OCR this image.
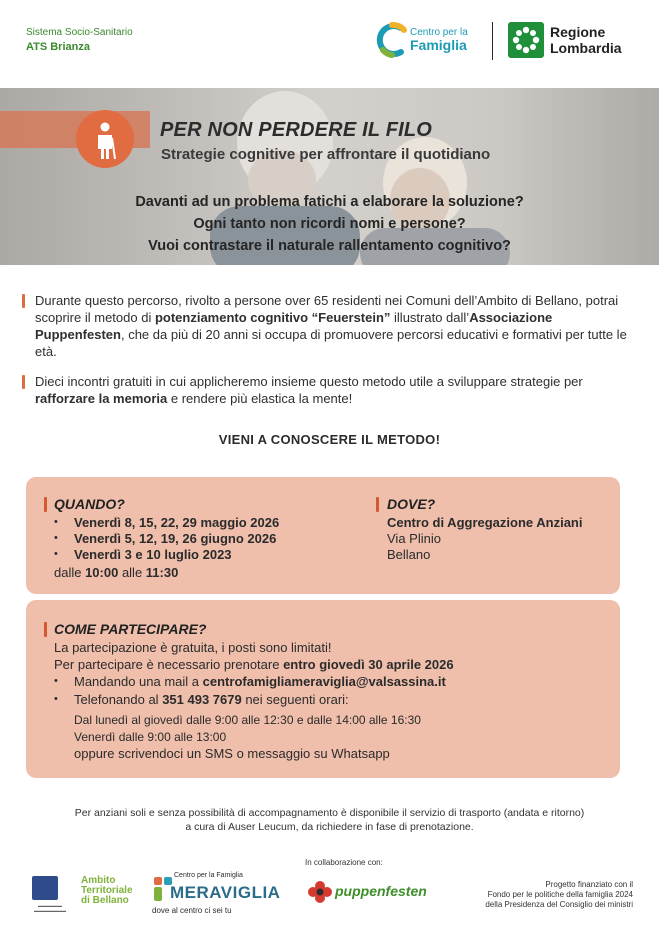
Sistema Socio-Sanitario
ATS Brianza
Centro per la
Famiglia
Regione
Lombardia
PER NON PERDERE IL FILO
Strategie cognitive per affrontare il quotidiano
Davanti ad un problema fatichi a elaborare la soluzione?
Ogni tanto non ricordi nomi e persone?
Vuoi contrastare il naturale rallentamento cognitivo?
Durante questo percorso, rivolto a persone over 65 residenti nei Comuni dell’Ambito di Bellano, potrai scoprire il metodo di potenziamento cognitivo “Feuerstein” illustrato dall’Associazione Puppenfesten, che da più di 20 anni si occupa di promuovere percorsi educativi e formativi per tutte le età.
Dieci incontri gratuiti in cui applicheremo insieme questo metodo utile a sviluppare strategie per rafforzare la memoria e rendere più elastica la mente!
VIENI A CONOSCERE IL METODO!
QUANDO?
• Venerdì 8, 15, 22, 29 maggio 2026
• Venerdì 5, 12, 19, 26 giugno 2026
• Venerdì 3 e 10 luglio 2023
dalle 10:00 alle 11:30
DOVE?
Centro di Aggregazione Anziani
Via Plinio
Bellano
COME PARTECIPARE?
La partecipazione è gratuita, i posti sono limitati!
Per partecipare è necessario prenotare entro giovedì 30 aprile 2026
• Mandando una mail a centrofamigliameraviglia@valsassina.it
• Telefonando al 351 493 7679 nei seguenti orari:
Dal lunedì al giovedì dalle 9:00 alle 12:30 e dalle 14:00 alle 16:30
Venerdì dalle 9:00 alle 13:00
oppure scrivendoci un SMS o messaggio su Whatsapp
Per anziani soli e senza possibilità di accompagnamento è disponibile il servizio di trasporto (andata e ritorno)
a cura di Auser Leucum, da richiedere in fase di prenotazione.
In collaborazione con:
▬▬▬▬▬▬
▬▬▬▬▬▬▬▬
Ambito
Territoriale
di Bellano
Centro per la Famiglia
MERAVIGLIA
dove al centro ci sei tu
puppenfesten	Progetto finanziato con il
Fondo per le politiche della famiglia 2024
della Presidenza del Consiglio dei ministri
